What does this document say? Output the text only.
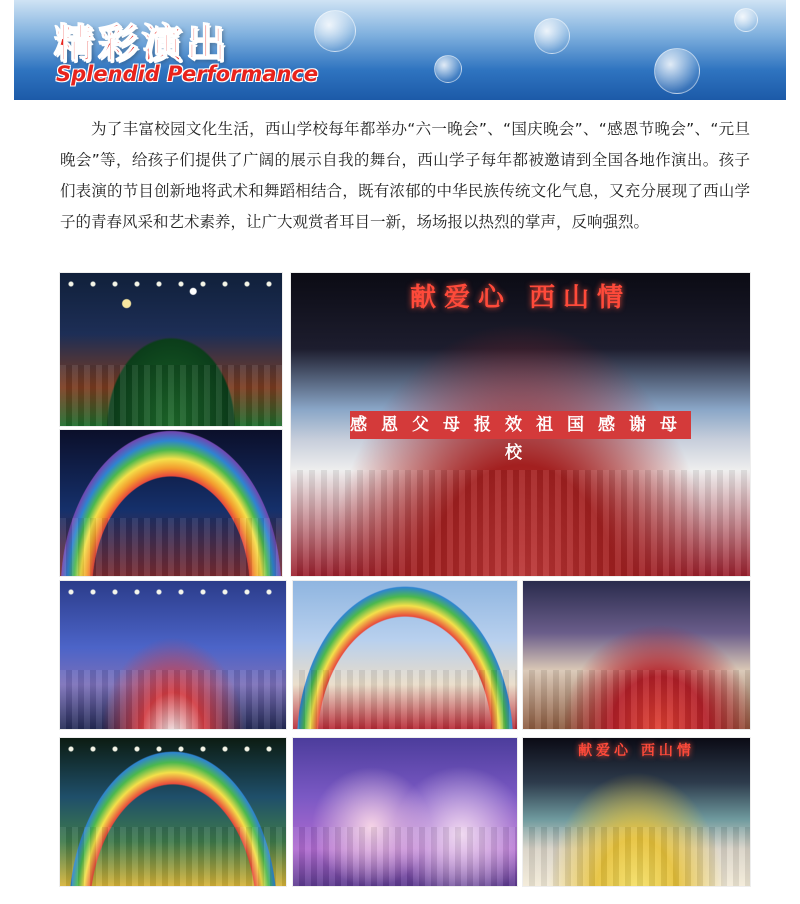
精彩演出
Splendid Performance

为了丰富校园文化生活，西山学校每年都举办“六一晚会”、“国庆晚会”、“感恩节晚会”、“元旦晚会”等，给孩子们提供了广阔的展示自我的舞台，西山学子每年都被邀请到全国各地作演出。孩子们表演的节目创新地将武术和舞蹈相结合，既有浓郁的中华民族传统文化气息，又充分展现了西山学子的青春风采和艺术素养，让广大观赏者耳目一新，场场报以热烈的掌声，反响强烈。

献爱心 西山情
感恩父母报效祖国感谢母校
献爱心 西山情
